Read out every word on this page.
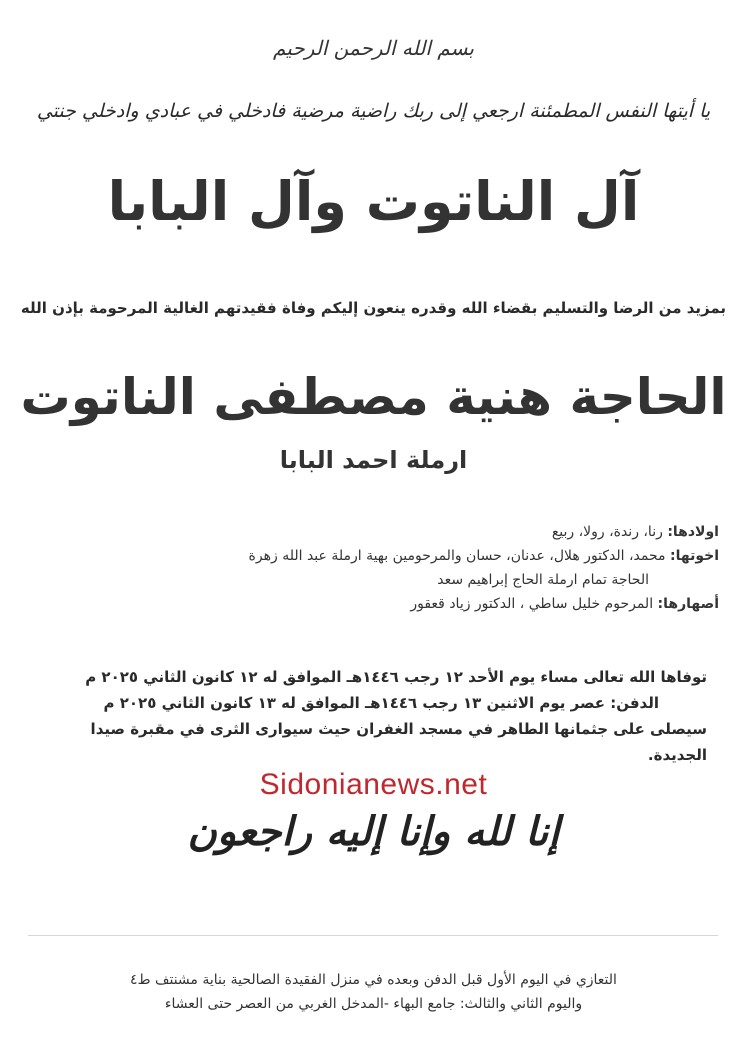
بسم الله الرحمن الرحيم
يا أيتها النفس المطمئنة ارجعي إلى ربك راضية مرضية فادخلي في عبادي وادخلي جنتي
آل الناتوت وآل البابا
بمزيد من الرضا والتسليم بقضاء الله وقدره ينعون إليكم وفاة فقيدتهم الغالية المرحومة بإذن الله
الحاجة هنية مصطفى الناتوت
ارملة احمد البابا
اولادها: رنا، رندة، رولا، ربيع
اخوتها: محمد، الدكتور هلال، عدنان، حسان والمرحومين بهية ارملة عبد الله زهرة
الحاجة تمام ارملة الحاج إبراهيم سعد
أصهارها: المرحوم خليل ساطي ، الدكتور زياد قعقور
توفاها الله تعالى مساء يوم الأحد ١٢ رجب ١٤٤٦هـ الموافق له ١٢ كانون الثاني ٢٠٢٥ م
الدفن: عصر يوم الاثنين ١٣ رجب ١٤٤٦هـ الموافق له ١٣ كانون الثاني ٢٠٢٥ م
سيصلى على جثمانها الطاهر في مسجد الغفران حيث سيوارى الثرى في مقبرة صيدا الجديدة.
Sidonianews.net
إنا لله وإنا إليه راجعون
التعازي في اليوم الأول قبل الدفن وبعده في منزل الفقيدة الصالحية بناية مشنتف ط٤
واليوم الثاني والثالث: جامع البهاء -المدخل الغربي من العصر حتى العشاء
